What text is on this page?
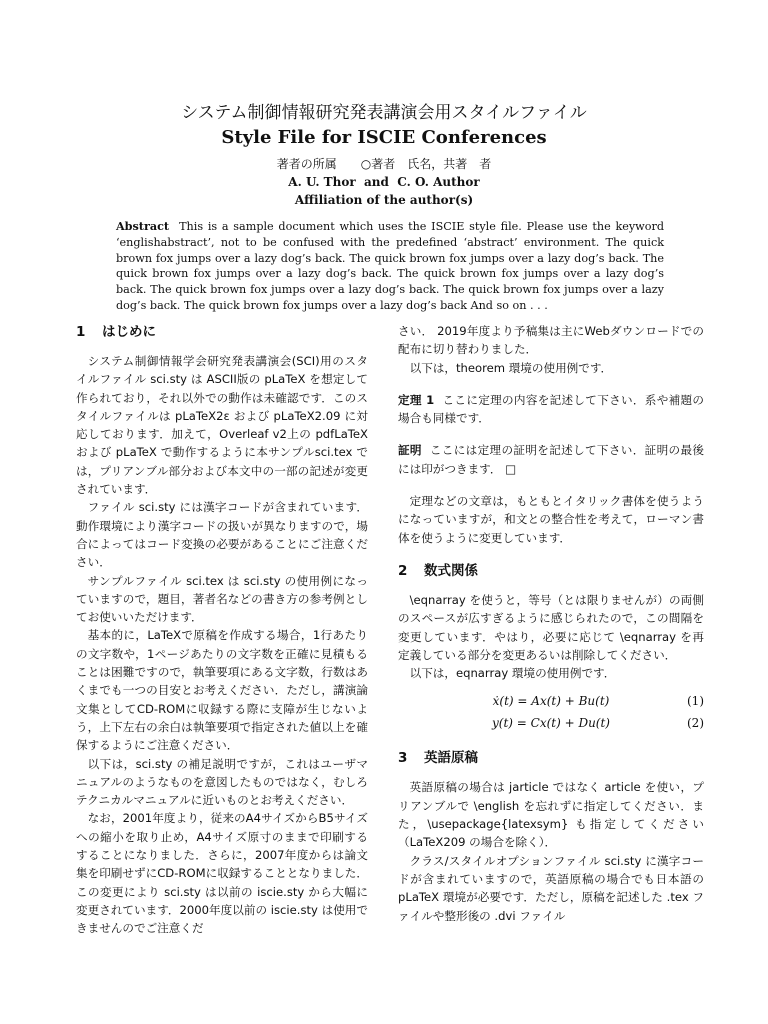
システム制御情報研究発表講演会用スタイルファイル
Style File for ISCIE Conferences
著者の所属　　○著者　氏名，共著　者
A. U. Thor  and  C. O. Author
Affiliation of the author(s)
Abstract This is a sample document which uses the ISCIE style file. Please use the keyword ‘englishabstract’, not to be confused with the predefined ‘abstract’ environment. The quick brown fox jumps over a lazy dog’s back. The quick brown fox jumps over a lazy dog’s back. The quick brown fox jumps over a lazy dog’s back. The quick brown fox jumps over a lazy dog’s back. The quick brown fox jumps over a lazy dog’s back. The quick brown fox jumps over a lazy dog’s back. The quick brown fox jumps over a lazy dog’s back And so on . . .
1 はじめに

システム制御情報学会研究発表講演会(SCI)用のスタイルファイル sci.sty は ASCII版の pLaTeX を想定して作られており，それ以外での動作は未確認です．このスタイルファイルは pLaTeX2ε および pLaTeX2.09 に対応しております．加えて，Overleaf v2上の pdfLaTeX および pLaTeX で動作するように本サンプルsci.tex では，プリアンブル部分および本文中の一部の記述が変更されています．

ファイル sci.sty には漢字コードが含まれています．動作環境により漢字コードの扱いが異なりますので，場合によってはコード変換の必要があることにご注意ください．

サンプルファイル sci.tex は sci.sty の使用例になっていますので，題目，著者名などの書き方の参考例としてお使いいただけます．

基本的に，LaTeXで原稿を作成する場合，1行あたりの文字数や，1ページあたりの文字数を正確に見積もることは困難ですので，執筆要項にある文字数，行数はあくまでも一つの目安とお考えください．ただし，講演論文集としてCD-ROMに収録する際に支障が生じないよう，上下左右の余白は執筆要項で指定された値以上を確保するようにご注意ください．

以下は，sci.sty の補足説明ですが，これはユーザマニュアルのようなものを意図したものではなく，むしろテクニカルマニュアルに近いものとお考えください．

なお，2001年度より，従来のA4サイズからB5サイズへの縮小を取り止め，A4サイズ原寸のままで印刷するすることになりました．さらに，2007年度からは論文集を印刷せずにCD-ROMに収録することとなりました．この変更により sci.sty は以前の iscie.sty から大幅に変更されています．2000年度以前の iscie.sty は使用できませんのでご注意くだ

さい． 2019年度より予稿集は主にWebダウンロードでの配布に切り替わりました．

以下は，theorem 環境の使用例です．

定理 1 ここに定理の内容を記述して下さい．系や補題の場合も同様です．

証明 ここには定理の証明を記述して下さい．証明の最後には印がつきます． □

定理などの文章は，もともとイタリック書体を使うようになっていますが，和文との整合性を考えて，ローマン書体を使うように変更しています．

2 数式関係

\eqnarray を使うと，等号（とは限りませんが）の両側のスペースが広すぎるように感じられたので，この間隔を変更しています．やはり，必要に応じて \eqnarray を再定義している部分を変更あるいは削除してください．

以下は，eqnarray 環境の使用例です．

ẋ(t) = Ax(t) + Bu(t)	(1)
y(t) = Cx(t) + Du(t)	(2)
3 英語原稿

英語原稿の場合は jarticle ではなく article を使い，プリアンブルで \english を忘れずに指定してください．また，\usepackage{latexsym} も指定してください（LaTeX209 の場合を除く）．

クラス/スタイルオプションファイル sci.sty に漢字コードが含まれていますので，英語原稿の場合でも日本語のpLaTeX 環境が必要です．ただし，原稿を記述した .tex ファイルや整形後の .dvi ファイル
